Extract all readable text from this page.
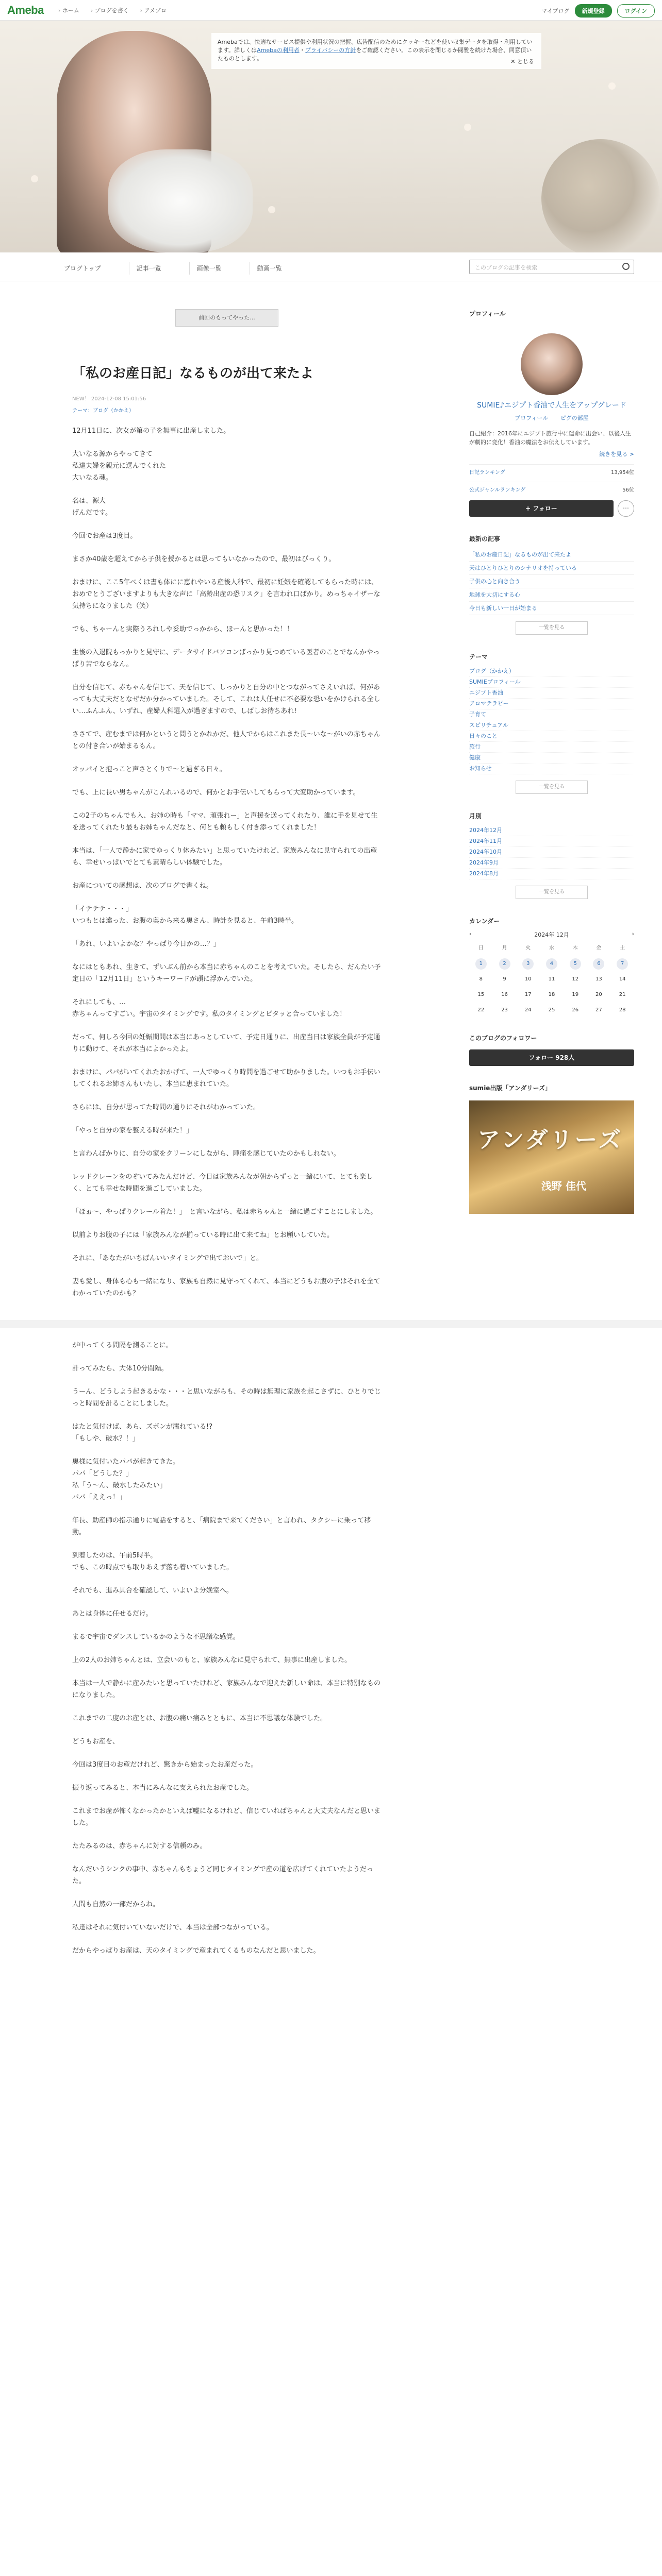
Ameba	› ホーム	› ブログを書く	› アメブロ	マイブログ	新規登録	ログイン
Amebaでは、快適なサービス提供や利用状況の把握、広告配信のためにクッキーなどを使い収集データを取得・利用しています。詳しくはAmebaの利用者・プライバシーの方針をご確認ください。この表示を閉じるか閲覧を続けた場合、同意頂いたものとします。	✕ とじる
ブログトップ	記事一覧	画像一覧	動画一覧	このブログの記事を検索
前回のもってやった...
「私のお産日記」なるものが出て来たよ
NEW！ 2024-12-08 15:01:56
テーマ：ブログ（かかえ）

12月11日に、次女が第の子を無事に出産しました。

大いなる源からやってきて
私達夫婦を親元に選んでくれた
大いなる魂。

名は、源大
げんだです。

今回でお産は3度目。

まさか40歳を超えてから子供を授かるとは思ってもいなかったので、最初はびっくり。

おまけに、ここ5年ぺくは書も体にに恵れやいる産後人科で、最初に妊娠を確認してもらった時には、おめでとうございますよりも大きな声に「高齢出産の恐リスク」を言われ口ばかり。めっちゃイザーな気持ちになりました（笑）

でも、ちゃーんと実際うろれしや妥助でっかから、ほーんと思かった！！

生後の入退院もっかりと見守に、データサイドバソコンばっかり見つめている医者のことでなんかやっぱり苦でならなん。

自分を信じて、赤ちゃんを信じて、天を信じて、しっかりと自分の中とつながってさえいれば、何があっても大丈夫だとなぜだか分かっていました。そして、これは人任せに不必要な恐いをかけられる全しい…ふんふん、いずれ、産婦人科選入が過ぎますので、しばしお待ちあれ!

ささてで、産むまでは何かというと問うとかれかだ、他人でからはこれまた長〜いな〜がいの赤ちゃんとの付き合いが始まるもん。

オッパイと抱っこと声さとくりで〜と過ぎる日々。

でも、上に長い男ちゃんがこんれいるので、何かとお手伝いしてもらって大変助かっています。

この2子のちゃんでも入、お姉の時も「ママ、頑張れー」と声援を送ってくれたり、誰に手を見せて生を送ってくれたり最もお姉ちゃんだなと、何とも頼もしく付き添ってくれました！

本当は、「一人で静かに家でゆっくり休みたい」と思っていたけれど、家族みんなに見守られての出産も、幸せいっぱいでとても素晴らしい体験でした。

お産についての感想は、次のブログで書くね。

「イテテテ・・・」
いつもとは違った、お腹の奥から来る奥さん、時計を見ると、午前3時半。

「あれ、いよいよかな？やっぱり今日かの…？」

なにはともあれ、生きて、ずいぶん前から本当に赤ちゃんのことを考えていた。そしたら、だんたい予定日の「12月11日」というキーワードが頭に浮かんでいた。

それにしても、…
赤ちゃんってすごい。宇宙のタイミングです。私のタイミングとピタッと合っていました！

だって、何しろ今回の妊娠期間は本当にあっとしていて、予定日通りに、出産当日は家族全員が予定通りに動けて、それが本当によかったよ。

おまけに、パパがいてくれたおかげて、一人でゆっくり時間を過ごせて助かりました。いつもお手伝いしてくれるお姉さんもいたし、本当に恵まれていた。

さらには、自分が思ってた時間の通りにそれがわかっていた。

「やっと自分の家を整える時が来た！」

と言わんばかりに、自分の家をクリーンにしながら、陣痛を感じていたのかもしれない。

レッドクレーンをのぞいてみたんだけど、今日は家族みんなが朝からずっと一緒にいて、とても楽しく、とても幸せな時間を過ごしていました。

「ほぉ〜、やっぱりクレール着た！」　と言いながら、私は赤ちゃんと一緒に過ごすことにしました。

以前よりお腹の子には「家族みんなが揃っている時に出て来てね」とお願いしていた。

それに、「あなたがいちばんいいタイミングで出ておいで」と。

妻も愛し、身体も心も一緒になり、家族も自然に見守ってくれて、本当にどうもお腹の子はそれを全てわかっていたのかも？

が中ってくる間隔を測ることに。

計ってみたら、大体10分間隔。

うーん、どうしよう起きるかな・・・と思いながらも、その時は無理に家族を起こさずに、ひとりでじっと時間を計ることにしました。

はたと気付けば、あら、ズボンが濡れている!?
「もしや、破水？！」

奥様に気付いたパパが起きてきた。
パパ「どうした？」
私「う〜ん、破水したみたい」
パパ「ええっ！」

年長、助産師の指示通りに電話をすると、「病院まで来てください」と言われ、タクシーに乗って移動。

到着したのは、午前5時半。
でも、この時点でも取りあえず落ち着いていました。

それでも、進み具合を確認して、いよいよ分娩室へ。

あとは身体に任せるだけ。

まるで宇宙でダンスしているかのような不思議な感覚。

上の2人のお姉ちゃんとは、立会いのもと、家族みんなに見守られて、無事に出産しました。

本当は一人で静かに産みたいと思っていたけれど、家族みんなで迎えた新しい命は、本当に特別なものになりました。

これまでの二度のお産とは、お腹の痛い痛みとともに、本当に不思議な体験でした。

どうもお産を、

今回は3度目のお産だけれど、驚きから始まったお産だった。

振り返ってみると、本当にみんなに支えられたお産でした。

これまでお産が怖くなかったかといえば嘘になるけれど、信じていればちゃんと大丈夫なんだと思いました。

たたみるのは、赤ちゃんに対する信頼のみ。

なんだいうシンクの事中、赤ちゃんもちょうど同じタイミングで産の道を広げてくれていたようだった。

人間も自然の一部だからね。

私達はそれに気付いていないだけで、本当は全部つながっている。

だからやっぱりお産は、天のタイミングで産まれてくるものなんだと思いました。

プロフィール
SUMIE♪エジプト香油で人生をアップグレード
プロフィール ピグの部屋
自己紹介：2016年にエジプト旅行中に運命に出会い、以後人生が劇的に変化！香油の魔法をお伝えしています。
続きを見る >
日記ランキング	13,954位
公式ジャンルランキング	56位
+ フォロー	⋯
最新の記事
「私のお産日記」なるものが出て来たよ
天はひとりひとりのシナリオを持っている
子供の心と向き合う
地球を大切にする心
今日も新しい一日が始まる
一覧を見る
テーマ
ブログ（かかえ）
SUMIEプロフィール
エジプト香油
アロマテラピー
子育て
スピリチュアル
日々のこと
旅行
健康
お知らせ
一覧を見る
月別
2024年12月
2024年11月
2024年10月
2024年9月
2024年8月
一覧を見る
カレンダー
‹	2024年 12月	›
日	月	火	水	木	金	土
1	2	3	4	5	6	7
8	9	10	11	12	13	14
15	16	17	18	19	20	21
22	23	24	25	26	27	28
このブログのフォロワー
フォロー 928人
sumie出版「アンダリーズ」
アンダリーズ
浅野 佳代
